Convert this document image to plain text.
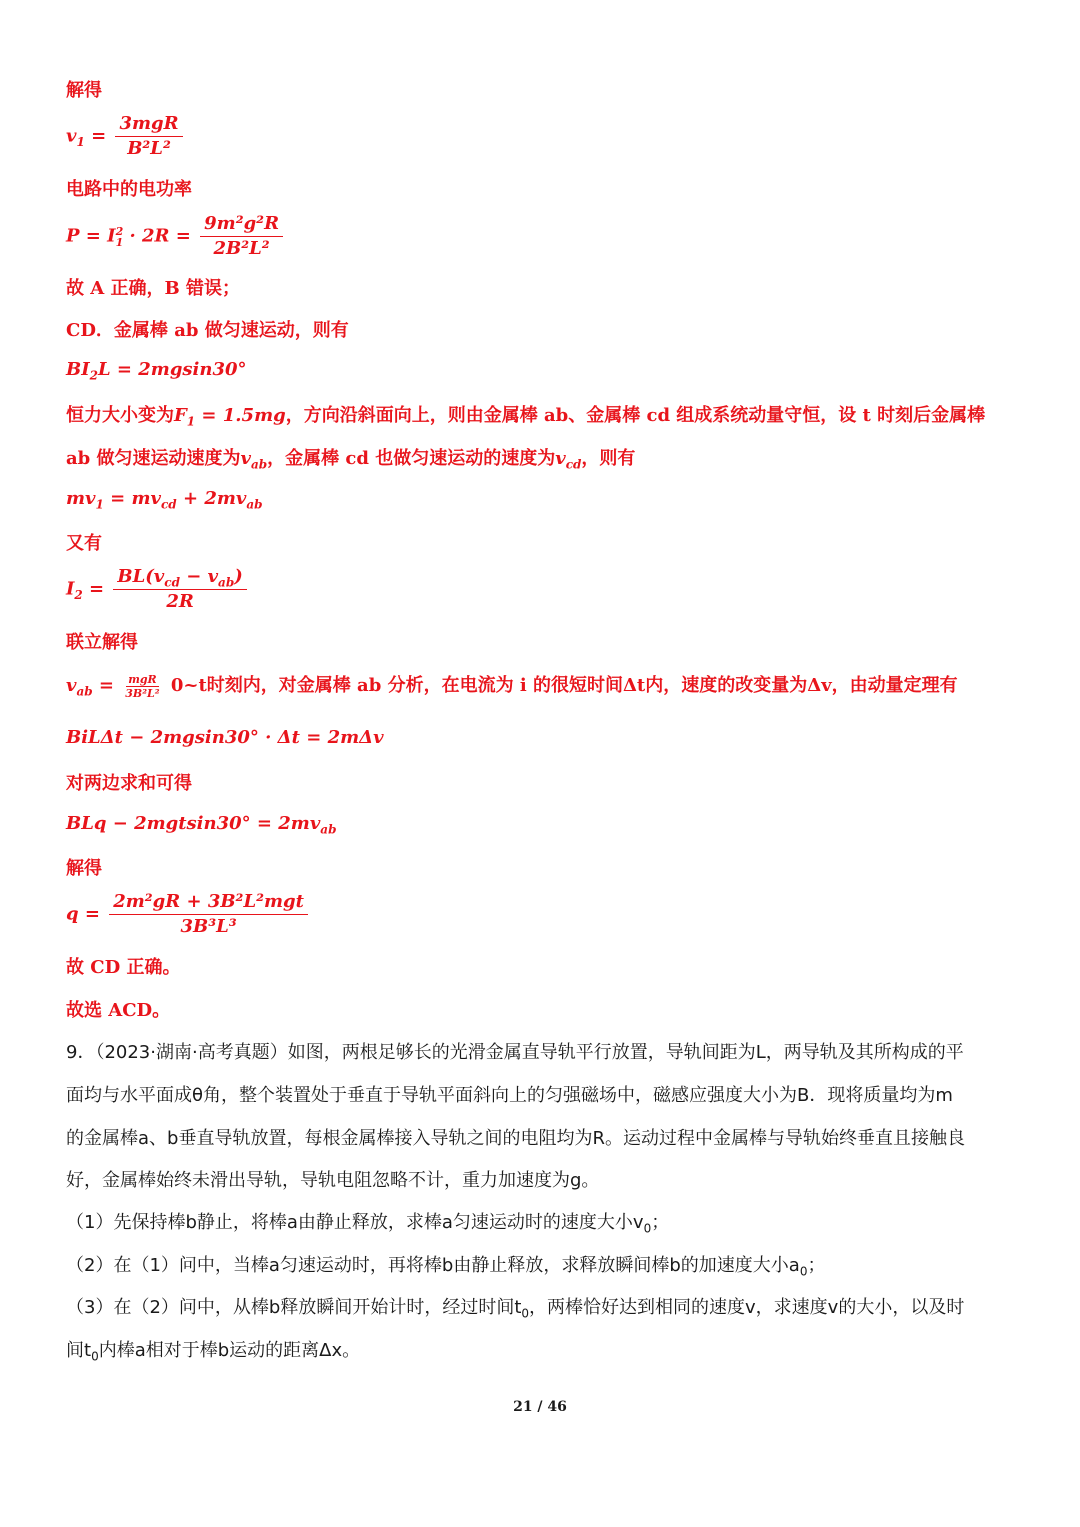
解得
$v_1 = \frac{\text{3mgR}}{\text{B²L²}}$
电路中的电功率
P = I 2
$1 \cdot 2R = \frac{\text{9m²g²R}}{\text{2B²L²}}$
故 A 正确，B 错误；
CD．金属棒 ab 做匀速运动，则有
$BI_2L = 2mgsin30^\circ$
恒力大小变为$F_1 = 1.5mg$，方向沿斜面向上，则由金属棒 ab、金属棒 cd 组成系统动量守恒，设 t 时刻后金属棒
ab 做匀速运动速度为$v_{ab}$，金属棒 cd 也做匀速运动的速度为$v_{cd}$，则有
$mv_1 = mv_{cd} + 2mv_{ab}$
又有
$I_2 = \frac{BL(v_{cd} - v_{ab})}{2R}$
联立解得
$v_{ab} = \frac{\text{mgR}}{\text{3B²L²}}$ 0~t时刻内，对金属棒 ab 分析，在电流为 i 的很短时间Δt内，速度的改变量为Δv，由动量定理有
BiLΔt − 2mgsin30° · Δt = 2mΔv
对两边求和可得
BLq − $2mgtsin30^\circ = 2mv_{ab}$
解得
$q = \frac{\text{2m²gR + 3B²L²mgt}}{\text{3B³L³}}$
故 CD 正确。
故选 ACD。
9．（2023·湖南·高考真题）如图，两根足够长的光滑金属直导轨平行放置，导轨间距为L，两导轨及其所构成的平
面均与水平面成θ角，整个装置处于垂直于导轨平面斜向上的匀强磁场中，磁感应强度大小为B．现将质量均为m
的金属棒a、b垂直导轨放置，每根金属棒接入导轨之间的电阻均为R。运动过程中金属棒与导轨始终垂直且接触良
好，金属棒始终未滑出导轨，导轨电阻忽略不计，重力加速度为g。
（1）先保持棒b静止，将棒a由静止释放，求棒a匀速运动时的速度大小$v_0$；
（2）在（1）问中，当棒a匀速运动时，再将棒b由静止释放，求释放瞬间棒b的加速度大小$a_0$；
（3）在（2）问中，从棒b释放瞬间开始计时，经过时间$t_0$，两棒恰好达到相同的速度v，求速度v的大小，以及时
间$t_0$内棒a相对于棒b运动的距离Δx。
21 / 46
